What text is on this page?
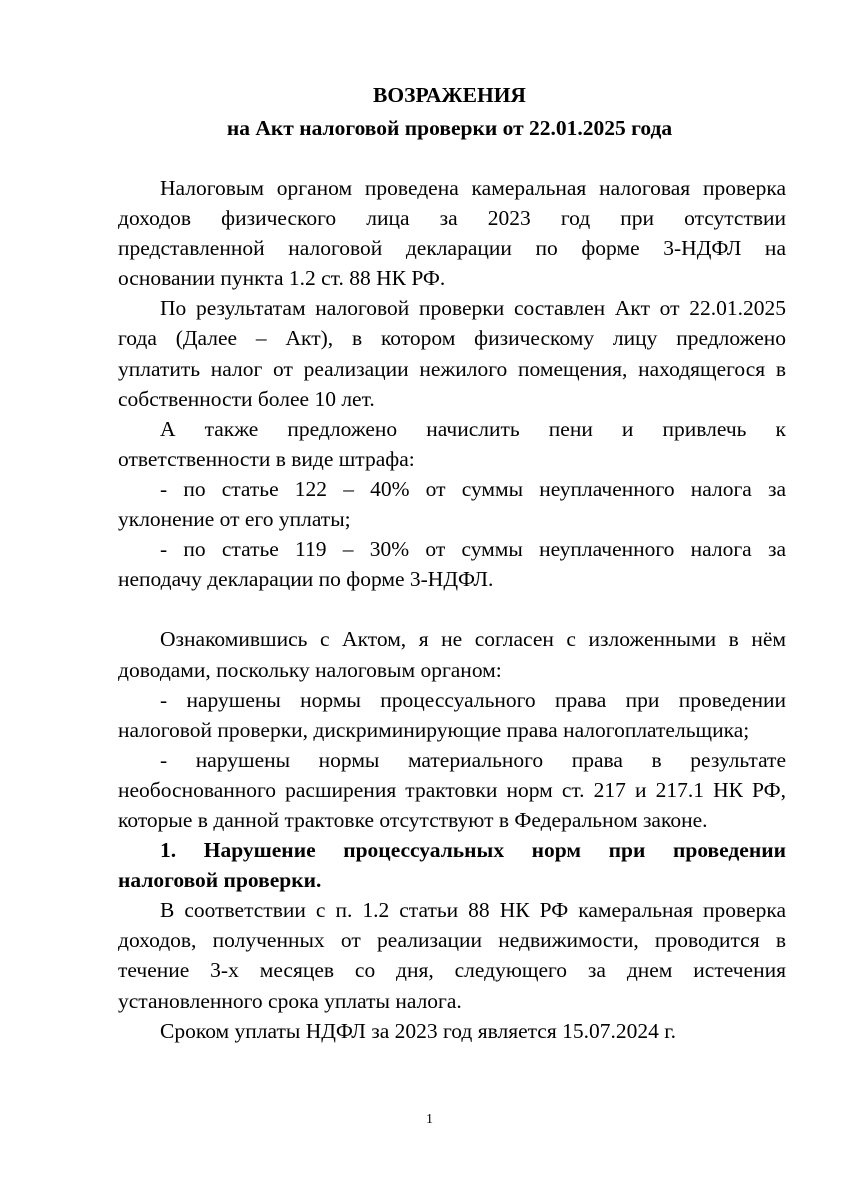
ВОЗРАЖЕНИЯ
на Акт налоговой проверки от 22.01.2025 года
Налоговым органом проведена камеральная налоговая проверка
доходов физического лица за 2023 год при отсутствии
представленной налоговой декларации по форме 3-НДФЛ на
основании пункта 1.2 ст. 88 НК РФ.
По результатам налоговой проверки составлен Акт от 22.01.2025
года (Далее – Акт), в котором физическому лицу предложено
уплатить налог от реализации нежилого помещения, находящегося в
собственности более 10 лет.
А также предложено начислить пени и привлечь к
ответственности в виде штрафа:
- по статье 122 – 40% от суммы неуплаченного налога за
уклонение от его уплаты;
- по статье 119 – 30% от суммы неуплаченного налога за
неподачу декларации по форме 3-НДФЛ.
Ознакомившись с Актом, я не согласен с изложенными в нём
доводами, поскольку налоговым органом:
- нарушены нормы процессуального права при проведении
налоговой проверки, дискриминирующие права налогоплательщика;
- нарушены нормы материального права в результате
необоснованного расширения трактовки норм ст. 217 и 217.1 НК РФ,
которые в данной трактовке отсутствуют в Федеральном законе.
1. Нарушение процессуальных норм при проведении
налоговой проверки.
В соответствии с п. 1.2 статьи 88 НК РФ камеральная проверка
доходов, полученных от реализации недвижимости, проводится в
течение 3-х месяцев со дня, следующего за днем истечения
установленного срока уплаты налога.
Сроком уплаты НДФЛ за 2023 год является 15.07.2024 г.
1
